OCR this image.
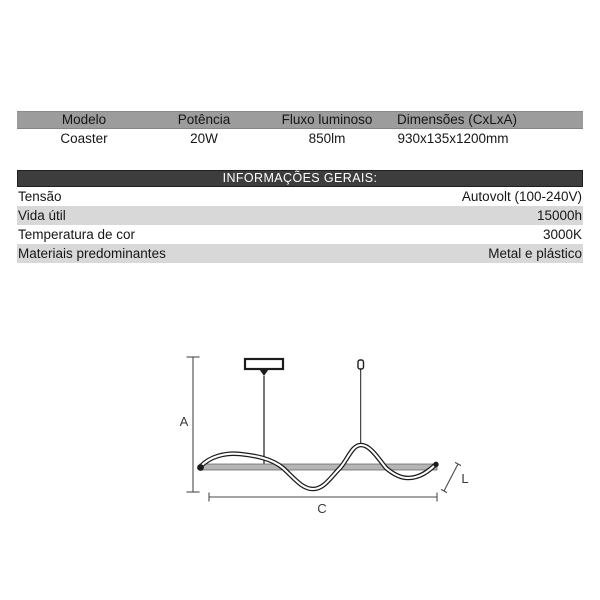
Modelo	Potência	Fluxo luminoso	Dimensões (CxLxA)
Coaster	20W	850lm	930x135x1200mm
INFORMAÇÕES GERAIS:
Tensão	Autovolt (100-240V)
Vida útil	15000h
Temperatura de cor	3000K
Materiais predominantes	Metal e plástico
A
C
L
